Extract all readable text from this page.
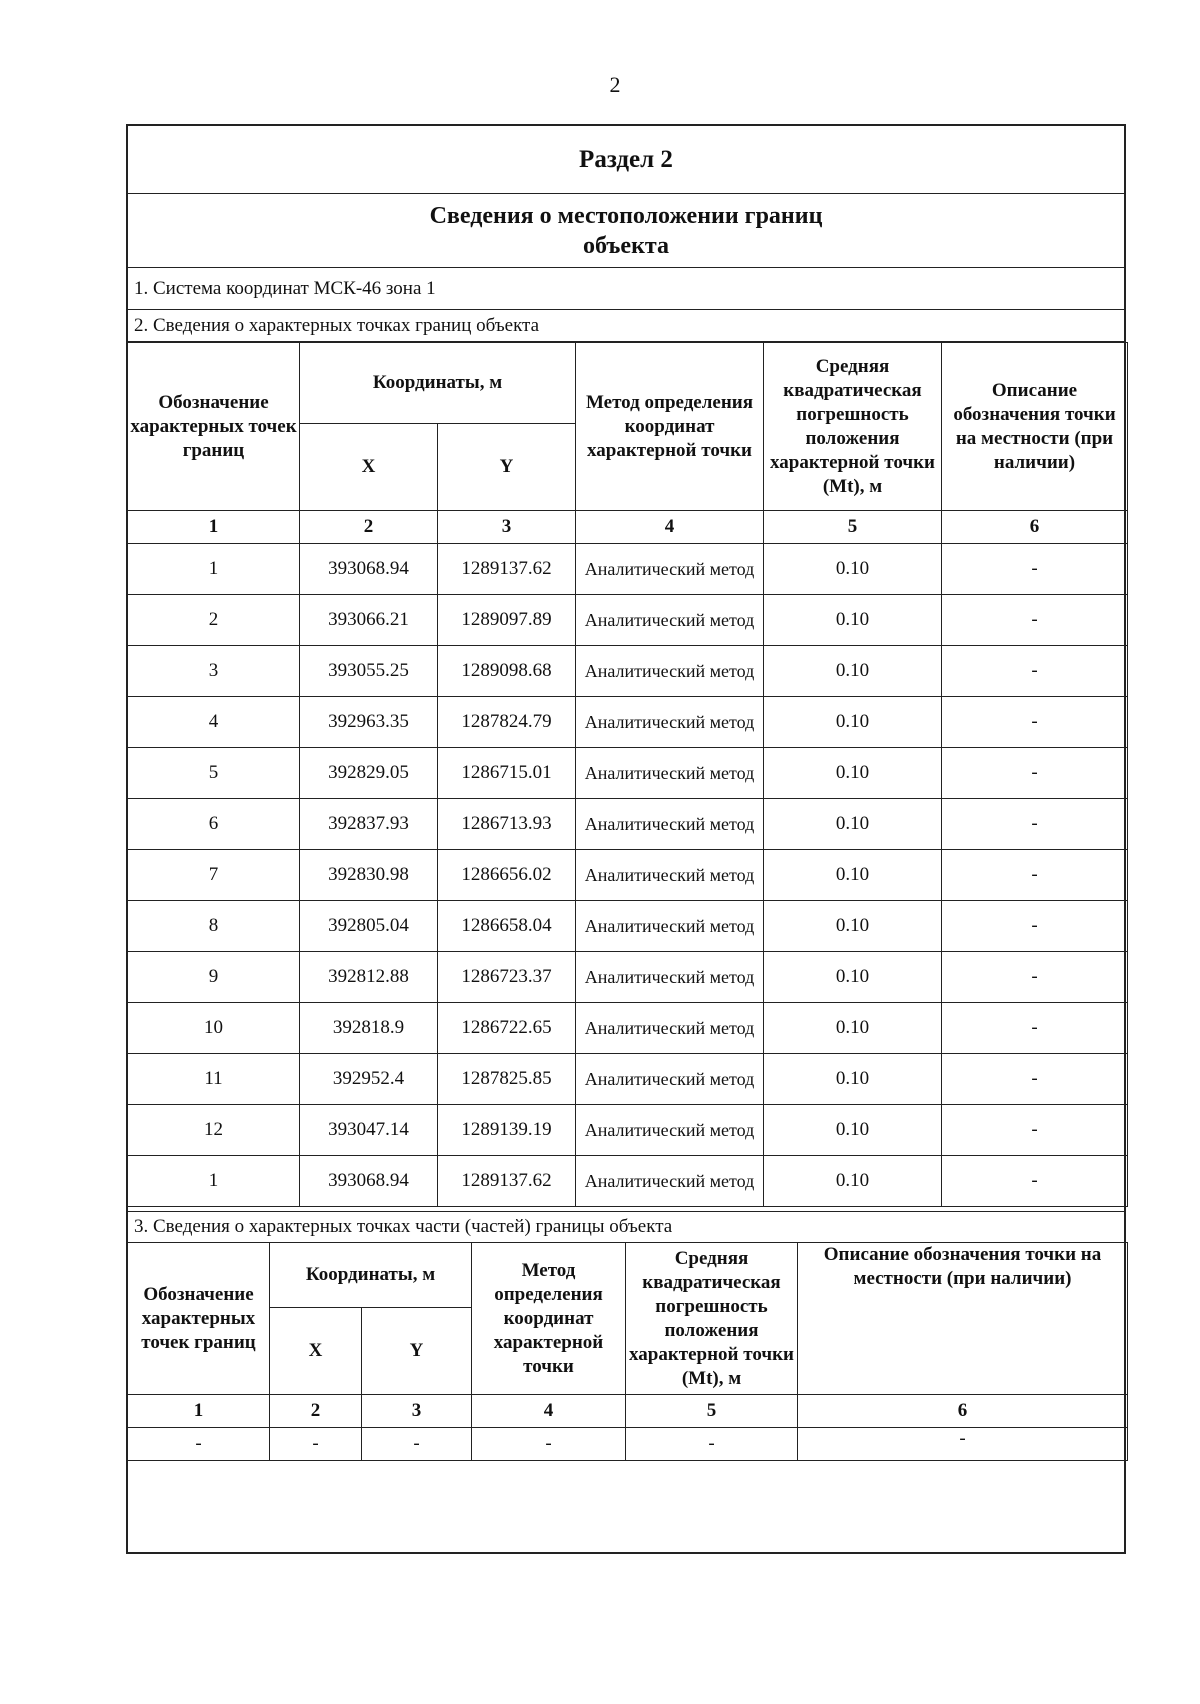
2
Раздел 2
Сведения о местоположении границ
объекта
1. Система координат МСК-46 зона 1
2. Сведения о характерных точках границ объекта
Обозначение характерных точек границ	Координаты, м		Метод определения координат характерной точки	Средняя квадратическая погрешность положения характерной точки (Mt), м	Описание обозначения точки на местности (при наличии)
	X	Y			
1	2	3	4	5	6
1	393068.94	1289137.62	Аналитический метод	0.10	-
2	393066.21	1289097.89	Аналитический метод	0.10	-
3	393055.25	1289098.68	Аналитический метод	0.10	-
4	392963.35	1287824.79	Аналитический метод	0.10	-
5	392829.05	1286715.01	Аналитический метод	0.10	-
6	392837.93	1286713.93	Аналитический метод	0.10	-
7	392830.98	1286656.02	Аналитический метод	0.10	-
8	392805.04	1286658.04	Аналитический метод	0.10	-
9	392812.88	1286723.37	Аналитический метод	0.10	-
10	392818.9	1286722.65	Аналитический метод	0.10	-
11	392952.4	1287825.85	Аналитический метод	0.10	-
12	393047.14	1289139.19	Аналитический метод	0.10	-
1	393068.94	1289137.62	Аналитический метод	0.10	-
3. Сведения о характерных точках части (частей) границы объекта
Обозначение характерных точек границ	Координаты, м		Метод определения координат характерной точки	Средняя квадратическая погрешность положения характерной точки (Mt), м	Описание обозначения точки на местности (при наличии)
	X	Y			
1	2	3	4	5	6
-	-	-	-	-	-
